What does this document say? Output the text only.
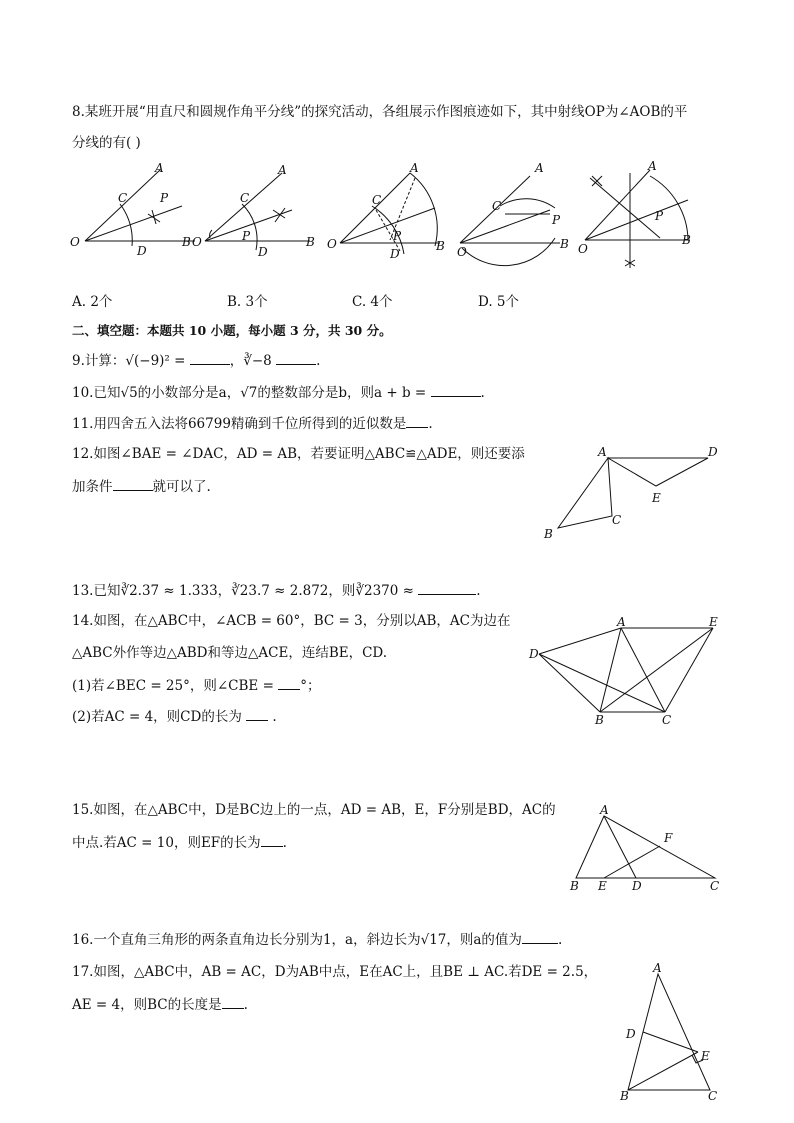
8.某班开展“用直尺和圆规作角平分线”的探究活动，各组展示作图痕迹如下，其中射线OP为∠AOB的平
分线的有( )
A
C	P
O
D
B
A
C
P
O
D
B
A
C
P
O
D
B
A
C
P
O
B
A
P
O
B
A. 2个	B. 3个	C. 4个	D. 5个
二、填空题：本题共 10 小题，每小题 3 分，共 30 分。
9.计算：√(−9)² =	，∛−8	.
10.已知√5的小数部分是a，√7的整数部分是b，则a + b =	.
11.用四舍五入法将66799精确到千位所得到的近似数是 .
12.如图∠BAE = ∠DAC，AD = AB，若要证明△ABC≌△ADE，则还要添
加条件	就可以了.
A	D
E
C
B
13.已知∛2.37 ≈ 1.333，∛23.7 ≈ 2.872，则∛2370 ≈	.
14.如图，在△ABC中，∠ACB = 60°，BC = 3，分别以AB，AC为边在
△ABC外作等边△ABD和等边△ACE，连结BE，CD.
(1)若∠BEC = 25°，则∠CBE = °；
(2)若AC = 4，则CD的长为  .
A	E
D
B	C
15.如图，在△ABC中，D是BC边上的一点，AD = AB，E，F分别是BD，AC的
中点.若AC = 10，则EF的长为 .
A
F
B E D	C
16.一个直角三角形的两条直角边长分别为1，a，斜边长为√17，则a的值为	.
17.如图，△ABC中，AB = AC，D为AB中点，E在AC上，且BE ⊥ AC.若DE = 2.5，
AE = 4，则BC的长度是 .
A
D
E
B	C
